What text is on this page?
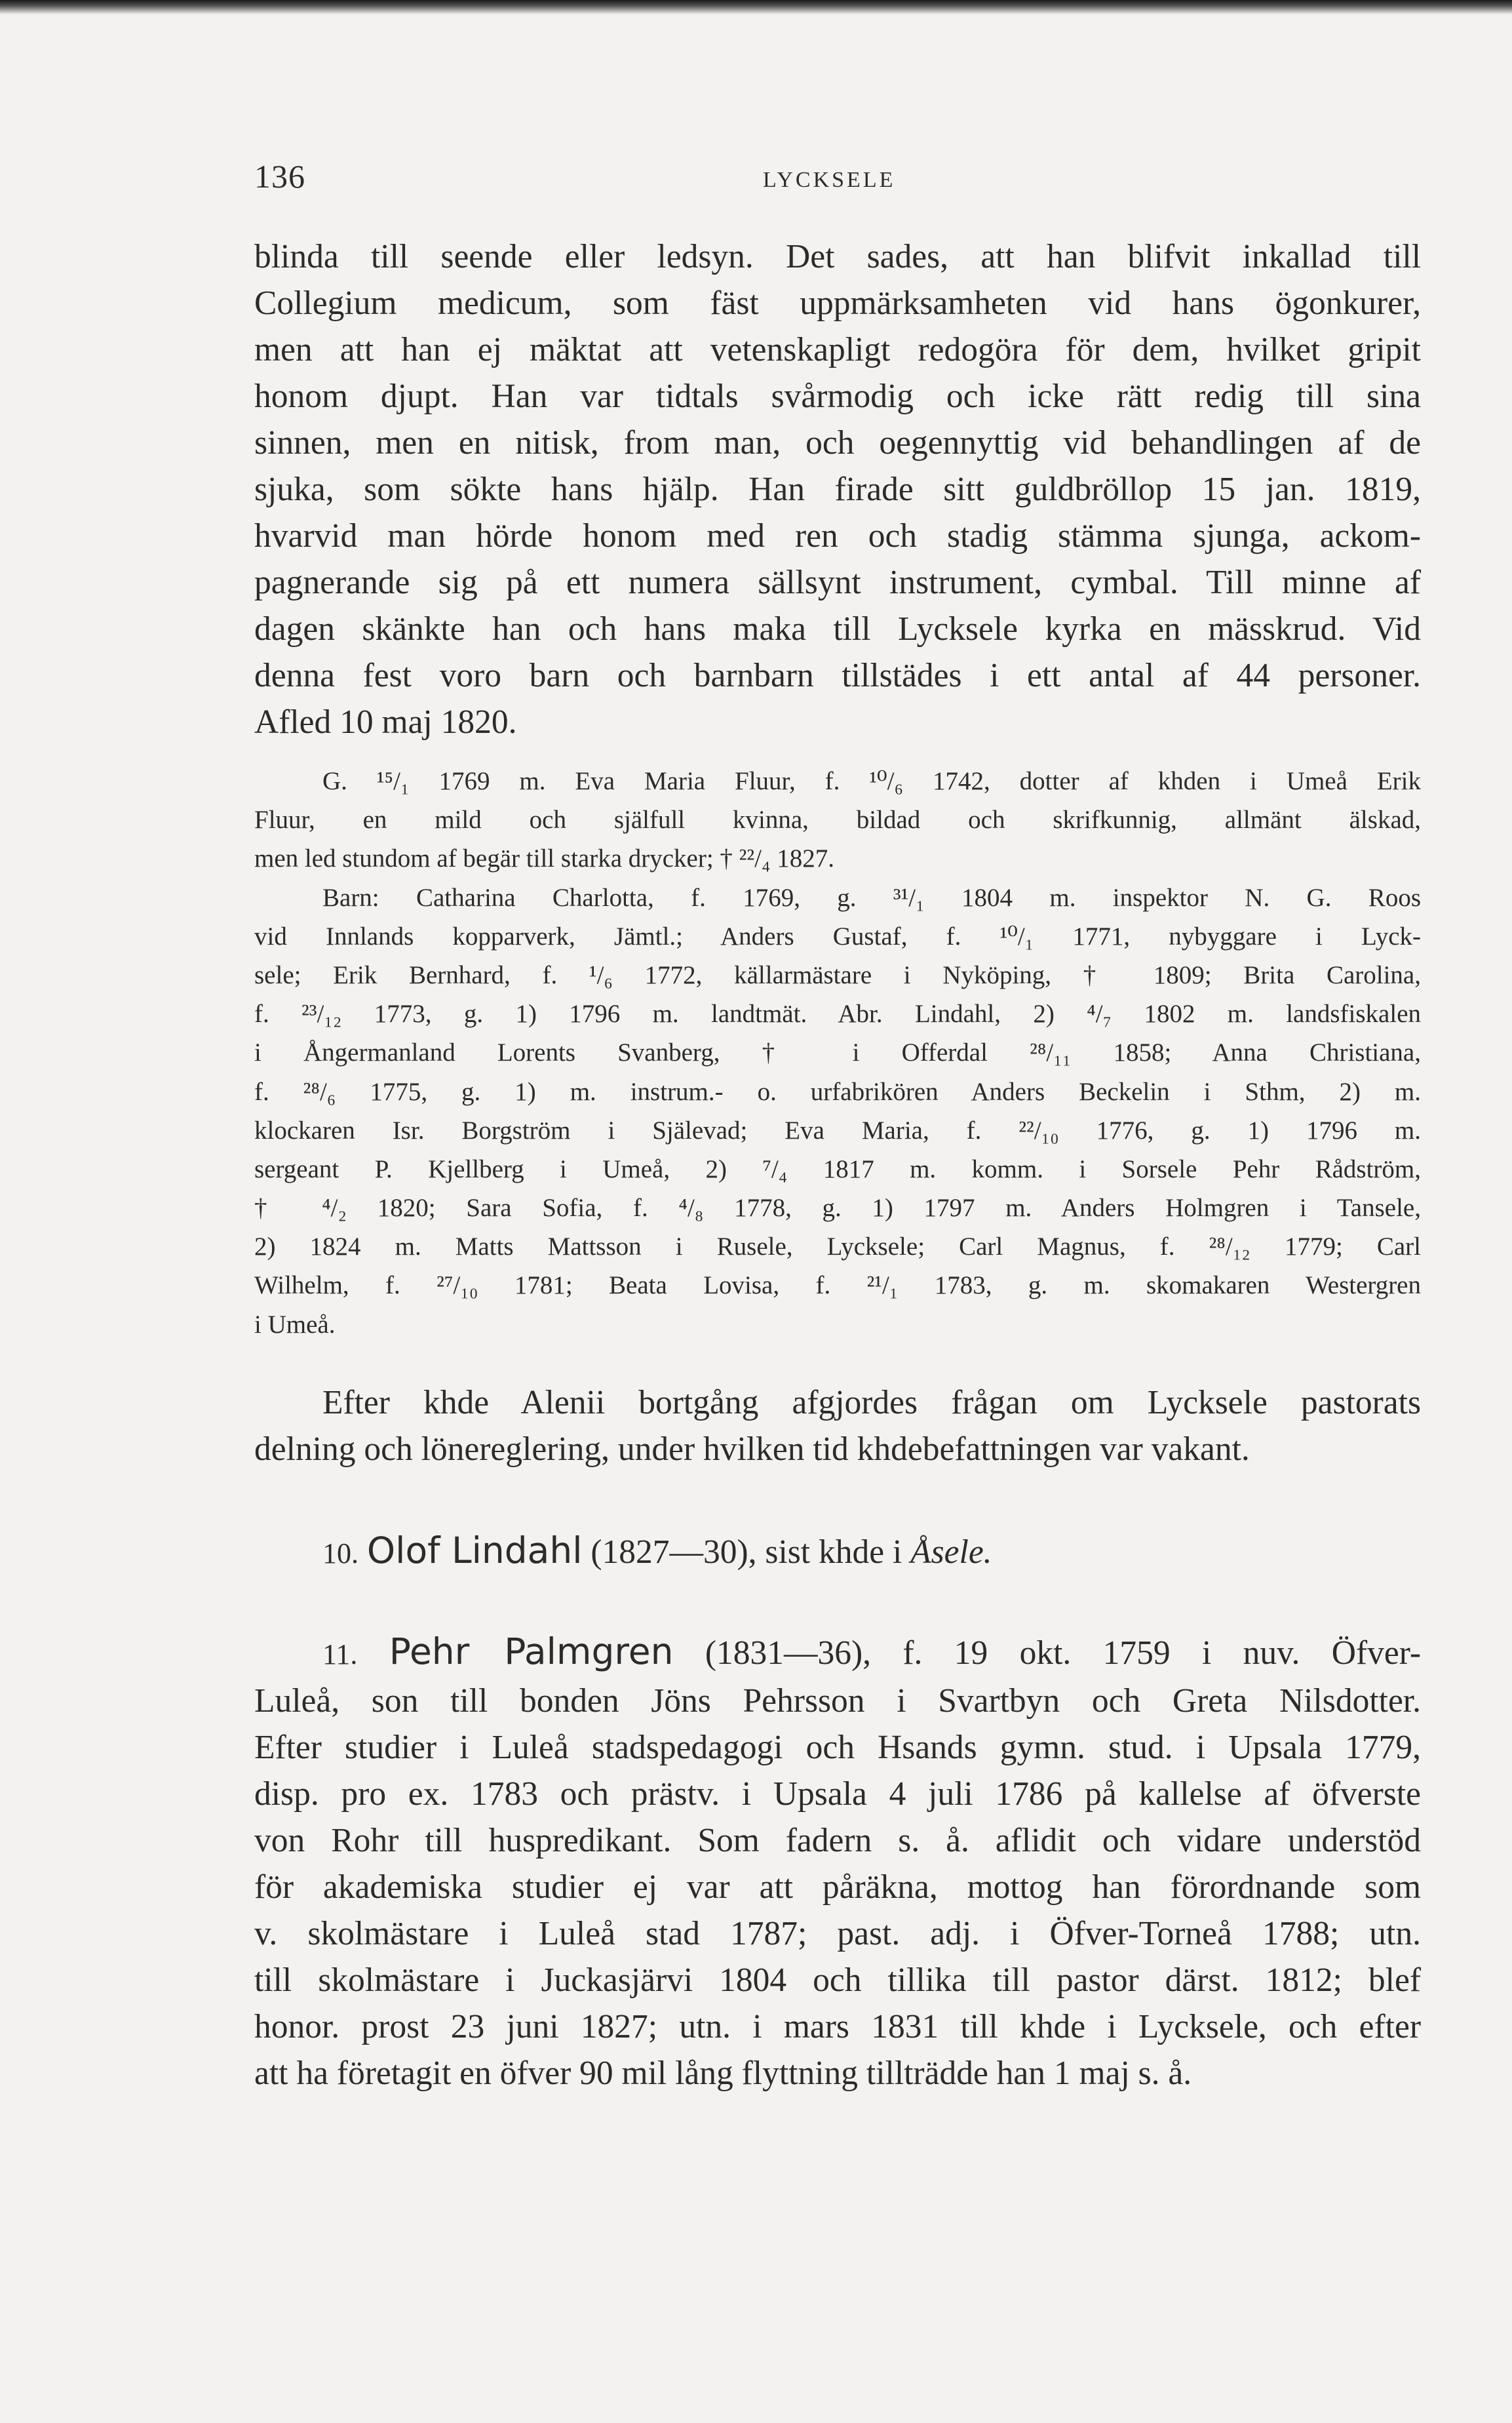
136	LYCKSELE
blinda till seende eller ledsyn. Det sades, att han blifvit inkallad till
Collegium medicum, som fäst uppmärksamheten vid hans ögonkurer,
men att han ej mäktat att vetenskapligt redogöra för dem, hvilket gripit
honom djupt. Han var tidtals svårmodig och icke rätt redig till sina
sinnen, men en nitisk, from man, och oegennyttig vid behandlingen af de
sjuka, som sökte hans hjälp. Han firade sitt guldbröllop 15 jan. 1819,
hvarvid man hörde honom med ren och stadig stämma sjunga, ackom-
pagnerande sig på ett numera sällsynt instrument, cymbal. Till minne af
dagen skänkte han och hans maka till Lycksele kyrka en mässkrud. Vid
denna fest voro barn och barnbarn tillstädes i ett antal af 44 personer.
Afled 10 maj 1820.
G. ¹⁵/₁ 1769 m. Eva Maria Fluur, f. ¹⁰/₆ 1742, dotter af khden i Umeå Erik
Fluur, en mild och själfull kvinna, bildad och skrifkunnig, allmänt älskad,
men led stundom af begär till starka drycker; † ²²/₄ 1827.
Barn: Catharina Charlotta, f. 1769, g. ³¹/₁ 1804 m. inspektor N. G. Roos
vid Innlands kopparverk, Jämtl.; Anders Gustaf, f. ¹⁰/₁ 1771, nybyggare i Lyck-
sele; Erik Bernhard, f. ¹/₆ 1772, källarmästare i Nyköping, † 1809; Brita Carolina,
f. ²³/₁₂ 1773, g. 1) 1796 m. landtmät. Abr. Lindahl, 2) ⁴/₇ 1802 m. landsfiskalen
i Ångermanland Lorents Svanberg, † i Offerdal ²⁸/₁₁ 1858; Anna Christiana,
f. ²⁸/₆ 1775, g. 1) m. instrum.- o. urfabrikören Anders Beckelin i Sthm, 2) m.
klockaren Isr. Borgström i Själevad; Eva Maria, f. ²²/₁₀ 1776, g. 1) 1796 m.
sergeant P. Kjellberg i Umeå, 2) ⁷/₄ 1817 m. komm. i Sorsele Pehr Rådström,
† ⁴/₂ 1820; Sara Sofia, f. ⁴/₈ 1778, g. 1) 1797 m. Anders Holmgren i Tansele,
2) 1824 m. Matts Mattsson i Rusele, Lycksele; Carl Magnus, f. ²⁸/₁₂ 1779; Carl
Wilhelm, f. ²⁷/₁₀ 1781; Beata Lovisa, f. ²¹/₁ 1783, g. m. skomakaren Westergren
i Umeå.
Efter khde Alenii bortgång afgjordes frågan om Lycksele pastorats
delning och lönereglering, under hvilken tid khdebefattningen var vakant.
10. Olof Lindahl (1827—30), sist khde i Åsele.
11. Pehr Palmgren (1831—36), f. 19 okt. 1759 i nuv. Öfver-
Luleå, son till bonden Jöns Pehrsson i Svartbyn och Greta Nilsdotter.
Efter studier i Luleå stadspedagogi och Hsands gymn. stud. i Upsala 1779,
disp. pro ex. 1783 och prästv. i Upsala 4 juli 1786 på kallelse af öfverste
von Rohr till huspredikant. Som fadern s. å. aflidit och vidare understöd
för akademiska studier ej var att påräkna, mottog han förordnande som
v. skolmästare i Luleå stad 1787; past. adj. i Öfver-Torneå 1788; utn.
till skolmästare i Juckasjärvi 1804 och tillika till pastor därst. 1812; blef
honor. prost 23 juni 1827; utn. i mars 1831 till khde i Lycksele, och efter
att ha företagit en öfver 90 mil lång flyttning tillträdde han 1 maj s. å.
